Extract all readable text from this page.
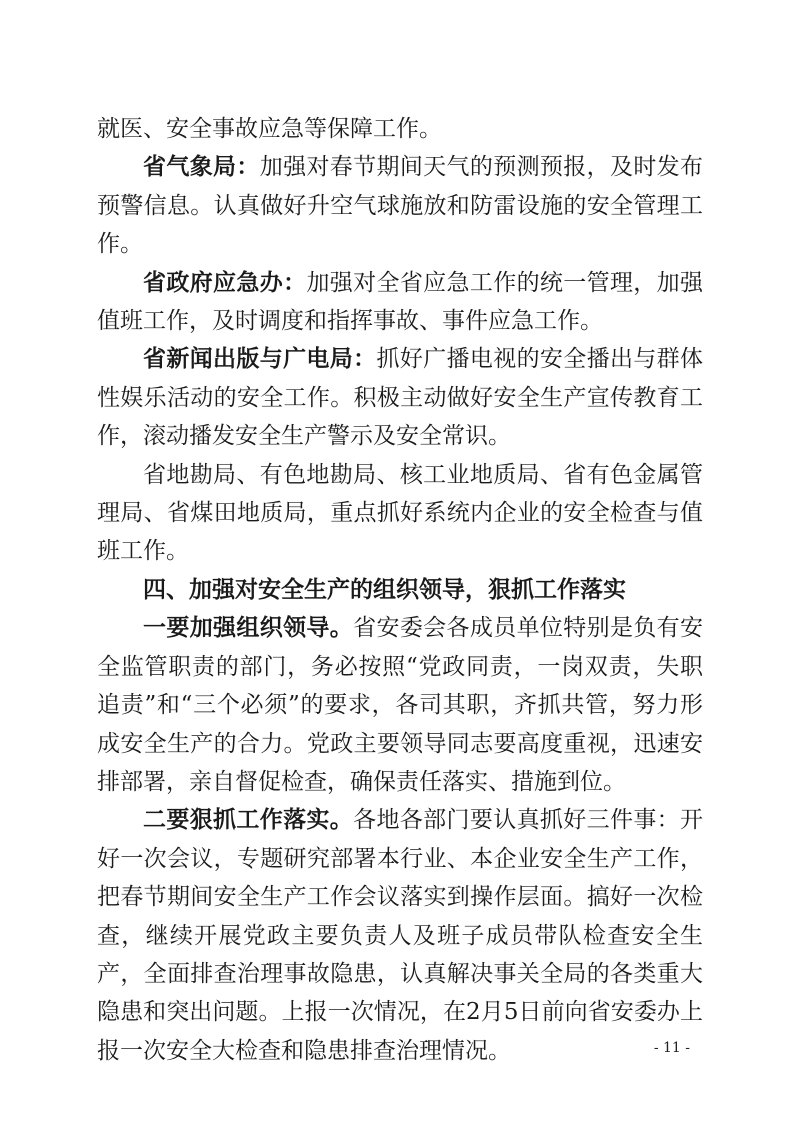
就医、安全事故应急等保障工作。

省气象局：加强对春节期间天气的预测预报，及时发布预警信息。认真做好升空气球施放和防雷设施的安全管理工作。

省政府应急办：加强对全省应急工作的统一管理，加强值班工作，及时调度和指挥事故、事件应急工作。

省新闻出版与广电局：抓好广播电视的安全播出与群体性娱乐活动的安全工作。积极主动做好安全生产宣传教育工作，滚动播发安全生产警示及安全常识。

省地勘局、有色地勘局、核工业地质局、省有色金属管理局、省煤田地质局，重点抓好系统内企业的安全检查与值班工作。

四、加强对安全生产的组织领导，狠抓工作落实

一要加强组织领导。省安委会各成员单位特别是负有安全监管职责的部门，务必按照“党政同责，一岗双责，失职追责”和“三个必须”的要求，各司其职，齐抓共管，努力形成安全生产的合力。党政主要领导同志要高度重视，迅速安排部署，亲自督促检查，确保责任落实、措施到位。

二要狠抓工作落实。各地各部门要认真抓好三件事：开好一次会议，专题研究部署本行业、本企业安全生产工作，把春节期间安全生产工作会议落实到操作层面。搞好一次检查，继续开展党政主要负责人及班子成员带队检查安全生产，全面排查治理事故隐患，认真解决事关全局的各类重大隐患和突出问题。上报一次情况，在2月5日前向省安委办上报一次安全大检查和隐患排查治理情况。	- 11 -
